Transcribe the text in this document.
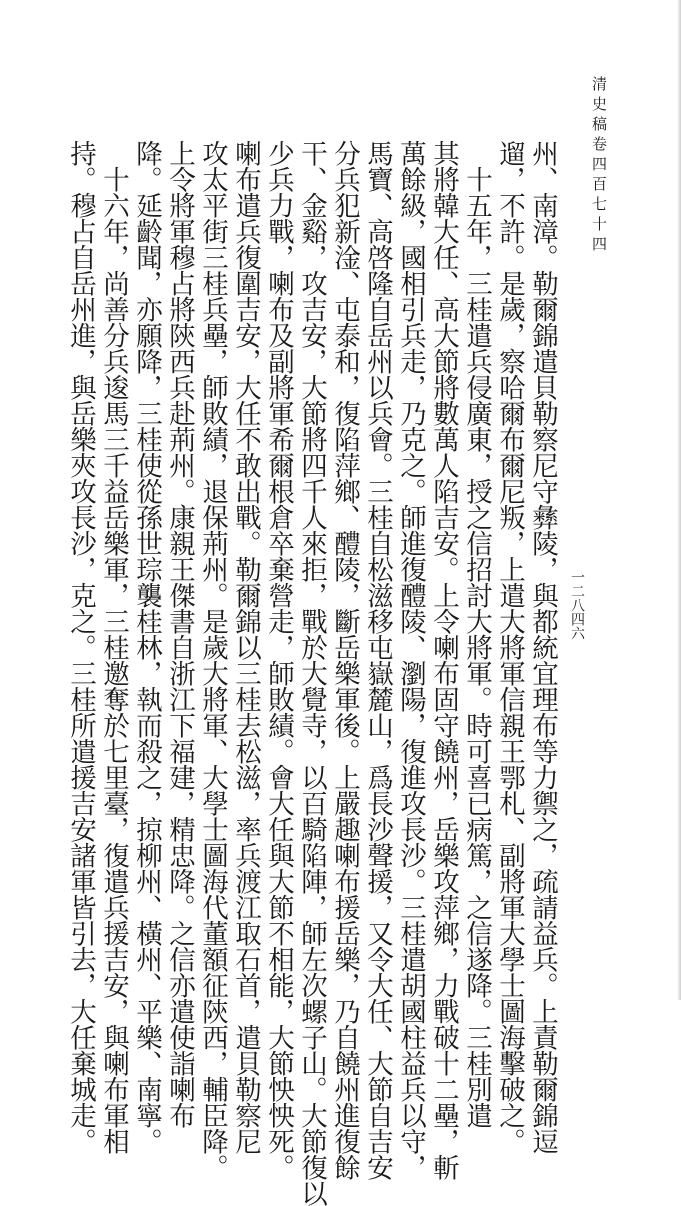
清史稿卷四百七十四
一二八四六
州、南漳。勒爾錦遣貝勒察尼守彝陵，與都統宜理布等力禦之，疏請益兵。上責勒爾錦逗
遛，不許。是歲，察哈爾布爾尼叛，上遣大將軍信親王鄂札、副將軍大學士圖海擊破之。
十五年，三桂遣兵侵廣東，授之信招討大將軍。時可喜已病篤，之信遂降。三桂別遣
其將韓大任、高大節將數萬人陷吉安。上令喇布固守饒州，岳樂攻萍鄉，力戰破十二壘，斬
萬餘級，國相引兵走，乃克之。師進復醴陵、瀏陽，復進攻長沙。三桂遣胡國柱益兵以守，
馬寶、高啓隆自岳州以兵會。三桂自松滋移屯嶽麓山，爲長沙聲援，又令大任、大節自吉安
分兵犯新淦、屯泰和，復陷萍鄉、醴陵，斷岳樂軍後。上嚴趣喇布援岳樂，乃自饒州進復餘
干、金谿，攻吉安，大節將四千人來拒，戰於大覺寺，以百騎陷陣，師左次螺子山。大節復以
少兵力戰，喇布及副將軍希爾根倉卒棄營走，師敗績。會大任與大節不相能，大節怏怏死。
喇布遣兵復圍吉安，大任不敢出戰。勒爾錦以三桂去松滋，率兵渡江取石首，遣貝勒察尼
攻太平街三桂兵壘，師敗績，退保荊州。是歲大將軍、大學士圖海代董額征陝西，輔臣降。
上令將軍穆占將陝西兵赴荊州。康親王傑書自浙江下福建，精忠降。之信亦遣使詣喇布
降。延齡聞，亦願降，三桂使從孫世琮襲桂林，執而殺之，掠柳州、橫州、平樂、南寧。
十六年，尚善分兵逡馬三千益岳樂軍，三桂邀奪於七里臺，復遣兵援吉安，與喇布軍相
持。穆占自岳州進，與岳樂夾攻長沙，克之。三桂所遣援吉安諸軍皆引去，大任棄城走。
